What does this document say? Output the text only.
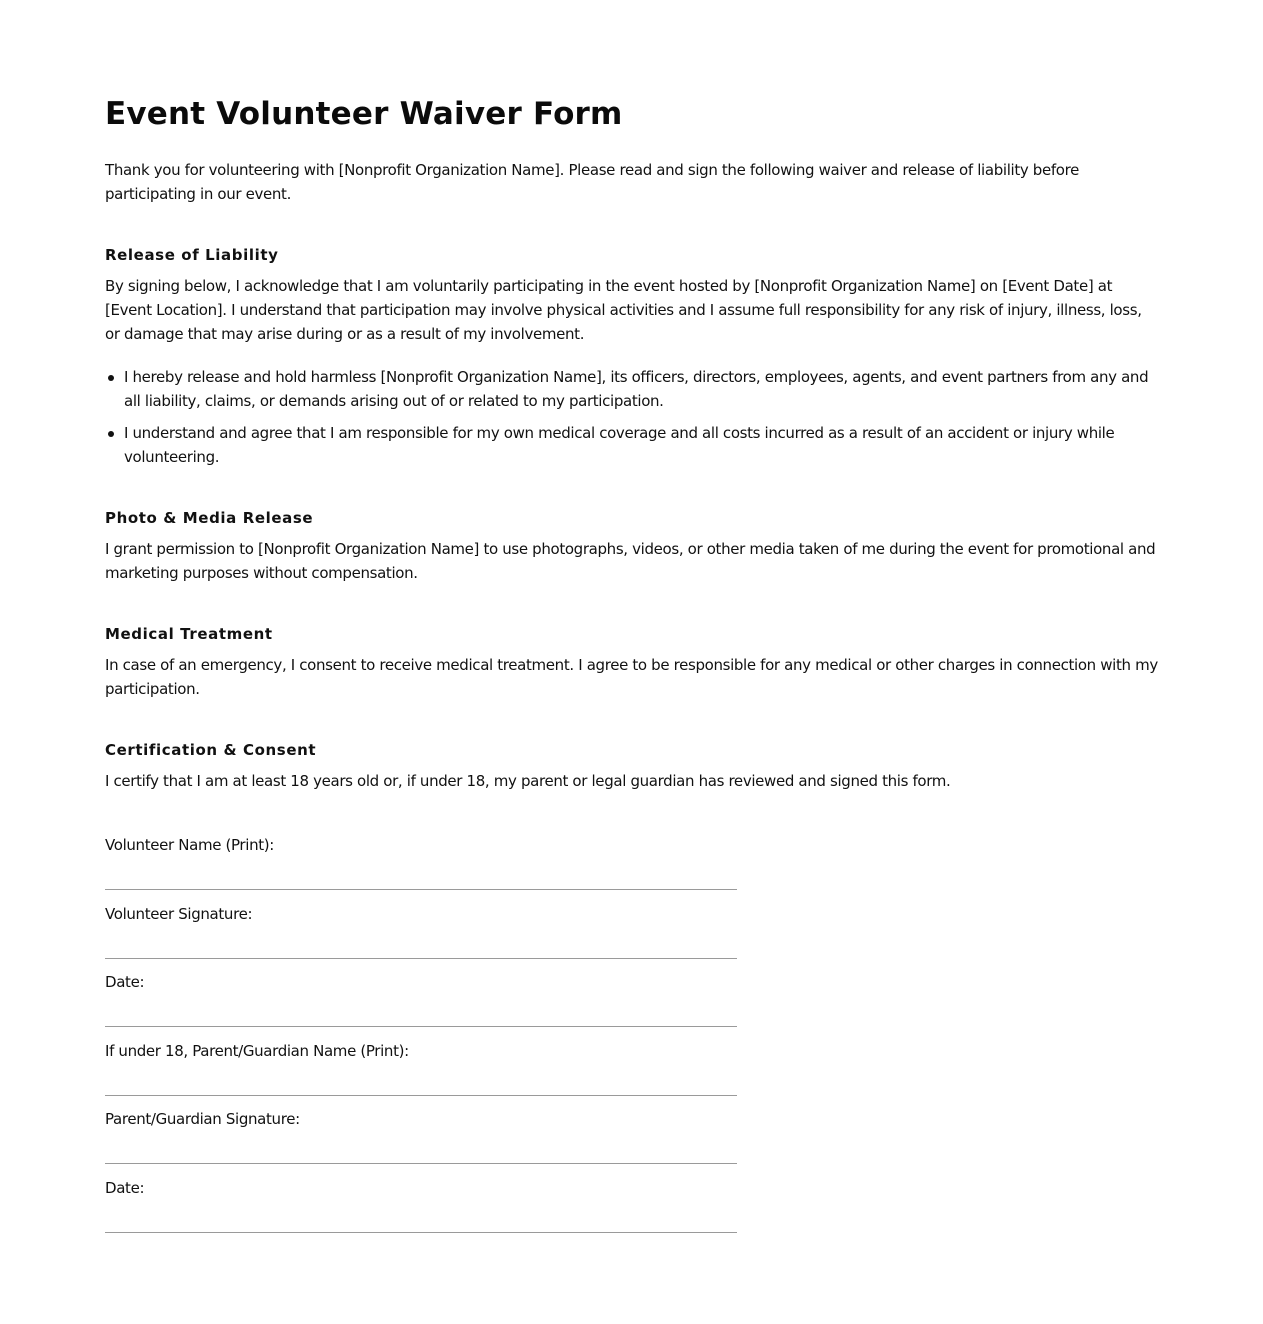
Event Volunteer Waiver Form

Thank you for volunteering with [Nonprofit Organization Name]. Please read and sign the following waiver and release of liability before participating in our event.

Release of Liability

By signing below, I acknowledge that I am voluntarily participating in the event hosted by [Nonprofit Organization Name] on [Event Date] at [Event Location]. I understand that participation may involve physical activities and I assume full responsibility for any risk of injury, illness, loss, or damage that may arise during or as a result of my involvement.

I hereby release and hold harmless [Nonprofit Organization Name], its officers, directors, employees, agents, and event partners from any and all liability, claims, or demands arising out of or related to my participation.
I understand and agree that I am responsible for my own medical coverage and all costs incurred as a result of an accident or injury while volunteering.
Photo & Media Release

I grant permission to [Nonprofit Organization Name] to use photographs, videos, or other media taken of me during the event for promotional and marketing purposes without compensation.

Medical Treatment

In case of an emergency, I consent to receive medical treatment. I agree to be responsible for any medical or other charges in connection with my participation.

Certification & Consent

I certify that I am at least 18 years old or, if under 18, my parent or legal guardian has reviewed and signed this form.

Volunteer Name (Print):
Volunteer Signature:
Date:
If under 18, Parent/Guardian Name (Print):
Parent/Guardian Signature:
Date:
